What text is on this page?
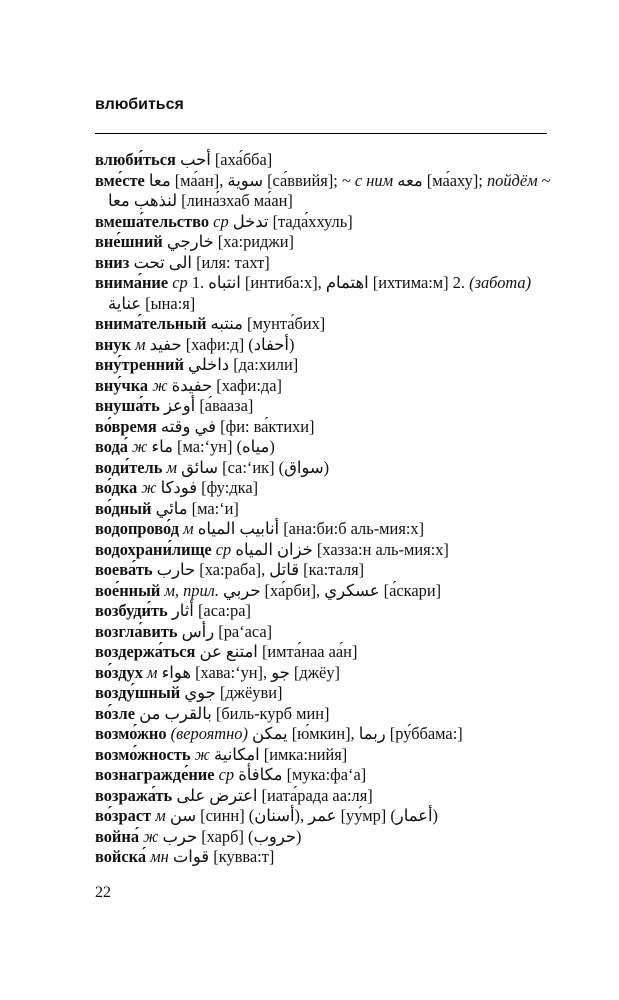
влюбиться
влюби́ться أحب [аха́бба]
вме́сте معا [ма́ан], سوية [са́ввийя]; ~ с ним معه [ма́аху]; пойдём ~
لنذهب معا [лина́зхаб ма́ан]
вмеша́тельство ср تدخل [тада́ххуль]
вне́шний خارجي [ха:риджи]
вниз الى تحت [иля: тахт]
внима́ние ср 1. انتباه [интиба:х], اهتمام [ихтима:м] 2. (забота)
عناية [ына:я]
внима́тельный منتبه [мунта́бих]
внук м حفيد [хафи:д] (أحفاد)
вну́тренний داخلي [да:хили]
вну́чка ж حفيدة [хафи:да]
внуша́ть أوعز [а́вааза]
во́время في وقته [фи: ва́ктихи]
вода́ ж ماء [ма:‘ун] (مياه)
води́тель м سائق [са:‘ик] (سواق)
во́дка ж فودكا [фу:дка]
во́дный مائي [ма:‘и]
водопрово́д м أنابيب المياه [ана:би:б аль-мия:х]
водохрани́лище ср خزان المياه [хазза:н аль-мия:х]
воева́ть حارب [ха:раба], قاتل [ка:таля]
вое́нный м, прил. حربي [ха́рби], عسكري [а́скари]
возбуди́ть أثار [аса:ра]
возгла́вить رأس [ра‘аса]
воздержа́ться امتنع عن [имта́наа аа́н]
во́здух м هواء [хава:‘ун], جو [джёу]
возду́шный جوي [джёуви]
во́зле بالقرب من [биль-курб мин]
возмо́жно (вероятно) يمكن [ю́мкин], ربما [ру́ббама:]
возмо́жность ж امكانية [имка:нийя]
вознагражде́ние ср مكافأة [мука:фа‘а]
возража́ть اعترض على [иата́рада аа:ля]
во́зраст м سن [синн] (أسنان), عمر [уу́мр] (أعمار)
война́ ж حرب [харб] (حروب)
войска́ мн قوات [кувва:т]
22
